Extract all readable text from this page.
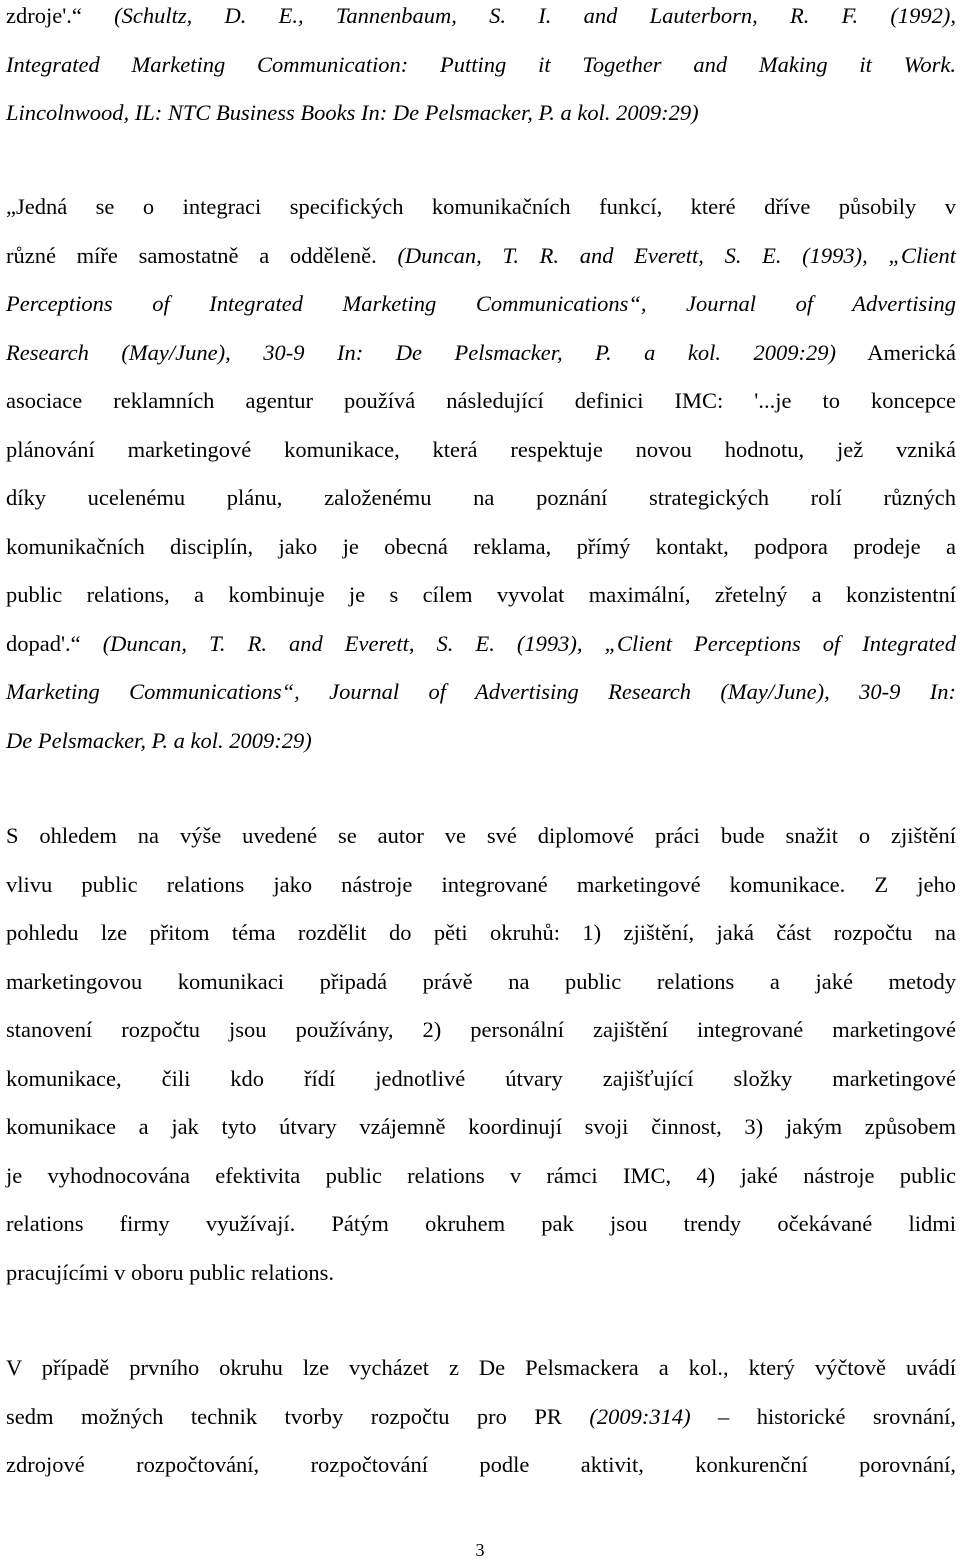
zdroje'.“ (Schultz, D. E., Tannenbaum, S. I. and Lauterborn, R. F. (1992),
Integrated Marketing Communication: Putting it Together and Making it Work.
Lincolnwood, IL: NTC Business Books In: De Pelsmacker, P. a kol. 2009:29)
„Jedná se o integraci specifických komunikačních funkcí, které dříve působily v
různé míře samostatně a odděleně. (Duncan, T. R. and Everett, S. E. (1993), „Client
Perceptions of Integrated Marketing Communications“, Journal of Advertising
Research (May/June), 30-9 In: De Pelsmacker, P. a kol. 2009:29) Americká
asociace reklamních agentur používá následující definici IMC: '...je to koncepce
plánování marketingové komunikace, která respektuje novou hodnotu, jež vzniká
díky ucelenému plánu, založenému na poznání strategických rolí různých
komunikačních disciplín, jako je obecná reklama, přímý kontakt, podpora prodeje a
public relations, a kombinuje je s cílem vyvolat maximální, zřetelný a konzistentní
dopad'.“ (Duncan, T. R. and Everett, S. E. (1993), „Client Perceptions of Integrated
Marketing Communications“, Journal of Advertising Research (May/June), 30-9 In:
De Pelsmacker, P. a kol. 2009:29)
S ohledem na výše uvedené se autor ve své diplomové práci bude snažit o zjištění
vlivu public relations jako nástroje integrované marketingové komunikace. Z jeho
pohledu lze přitom téma rozdělit do pěti okruhů: 1) zjištění, jaká část rozpočtu na
marketingovou komunikaci připadá právě na public relations a jaké metody
stanovení rozpočtu jsou používány, 2) personální zajištění integrované marketingové
komunikace, čili kdo řídí jednotlivé útvary zajišťující složky marketingové
komunikace a jak tyto útvary vzájemně koordinují svoji činnost, 3) jakým způsobem
je vyhodnocována efektivita public relations v rámci IMC, 4) jaké nástroje public
relations firmy využívají. Pátým okruhem pak jsou trendy očekávané lidmi
pracujícími v oboru public relations.
V případě prvního okruhu lze vycházet z De Pelsmackera a kol., který výčtově uvádí
sedm možných technik tvorby rozpočtu pro PR (2009:314) – historické srovnání,
zdrojové rozpočtování, rozpočtování podle aktivit, konkurenční porovnání,
3
